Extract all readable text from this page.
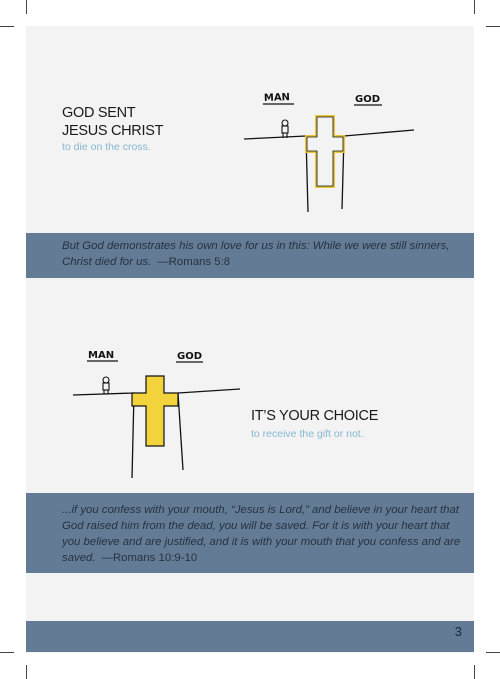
GOD SENT
JESUS CHRIST
to die on the cross.
MAN	GOD
But God demonstrates his own love for us in this: While we were still sinners, Christ died for us. —Romans 5:8
MAN	GOD
IT’S YOUR CHOICE
to receive the gift or not.
...if you confess with your mouth, “Jesus is Lord,” and believe in your heart that God raised him from the dead, you will be saved. For it is with your heart that you believe and are justified, and it is with your mouth that you confess and are saved. —Romans 10:9-10
3
